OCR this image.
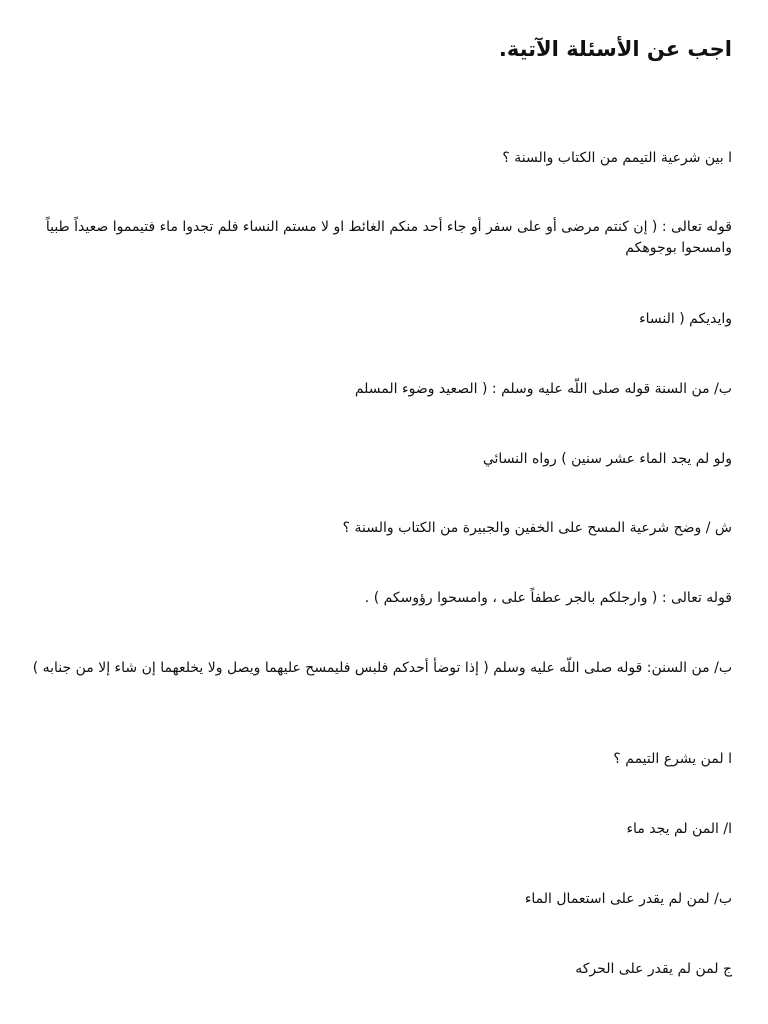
اجب عن الأسئلة الآتية.

ا بين شرعية التيمم من الكتاب والسنة ؟

قوله تعالى : ( إن كنتم مرضى أو على سفر أو جاء أحد منكم الغائط او لا مستم النساء فلم تجدوا ماء فتيمموا صعيداً طبياً وامسحوا بوجوهكم

وايديكم ( النساء

ب/ من السنة قوله صلى اللّه عليه وسلم : ( الصعيد وضوء المسلم

ولو لم يجد الماء عشر سنين ) رواه النسائي

ش / وضح شرعية المسح على الخفين والجبيرة من الكتاب والسنة ؟

قوله تعالى : ( وارجلكم بالجر عطفاً على ، وامسحوا رؤوسكم ) .

ب/ من السنن: قوله صلى اللّه عليه وسلم ( إذا توضأ أحدكم فلبس فليمسح عليهما ويصل ولا يخلعهما إن شاء إلا من جنابه )

ا لمن يشرع التيمم ؟

ا/ المن لم يجد ماء

ب/ لمن لم يقدر على استعمال الماء

ج لمن لم يقدر على الحركه
